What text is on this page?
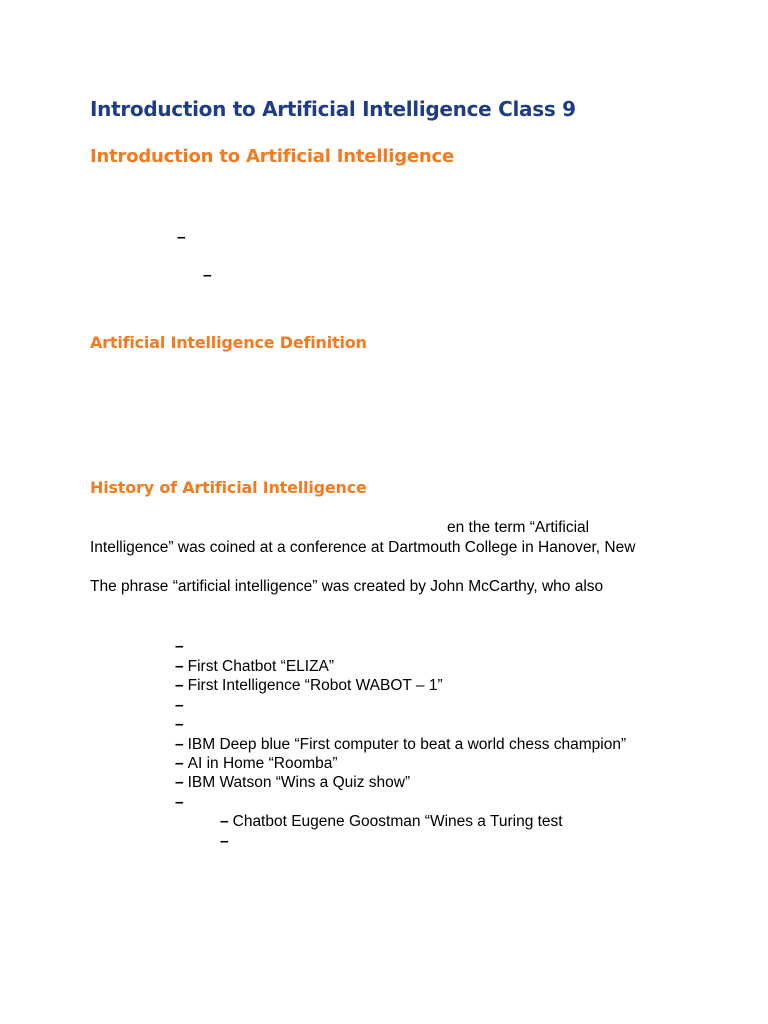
Introduction to Artificial Intelligence Class 9
Introduction to Artificial Intelligence
–
–
Artificial Intelligence Definition
History of Artificial Intelligence
en the term “Artificial
Intelligence” was coined at a conference at Dartmouth College in Hanover, New
The phrase “artificial intelligence” was created by John McCarthy, who also
–
– First Chatbot “ELIZA”
– First Intelligence “Robot WABOT – 1”
–
–
– IBM Deep blue “First computer to beat a world chess champion”
– AI in Home “Roomba”
– IBM Watson “Wins a Quiz show”
–
– Chatbot Eugene Goostman “Wines a Turing test
–
